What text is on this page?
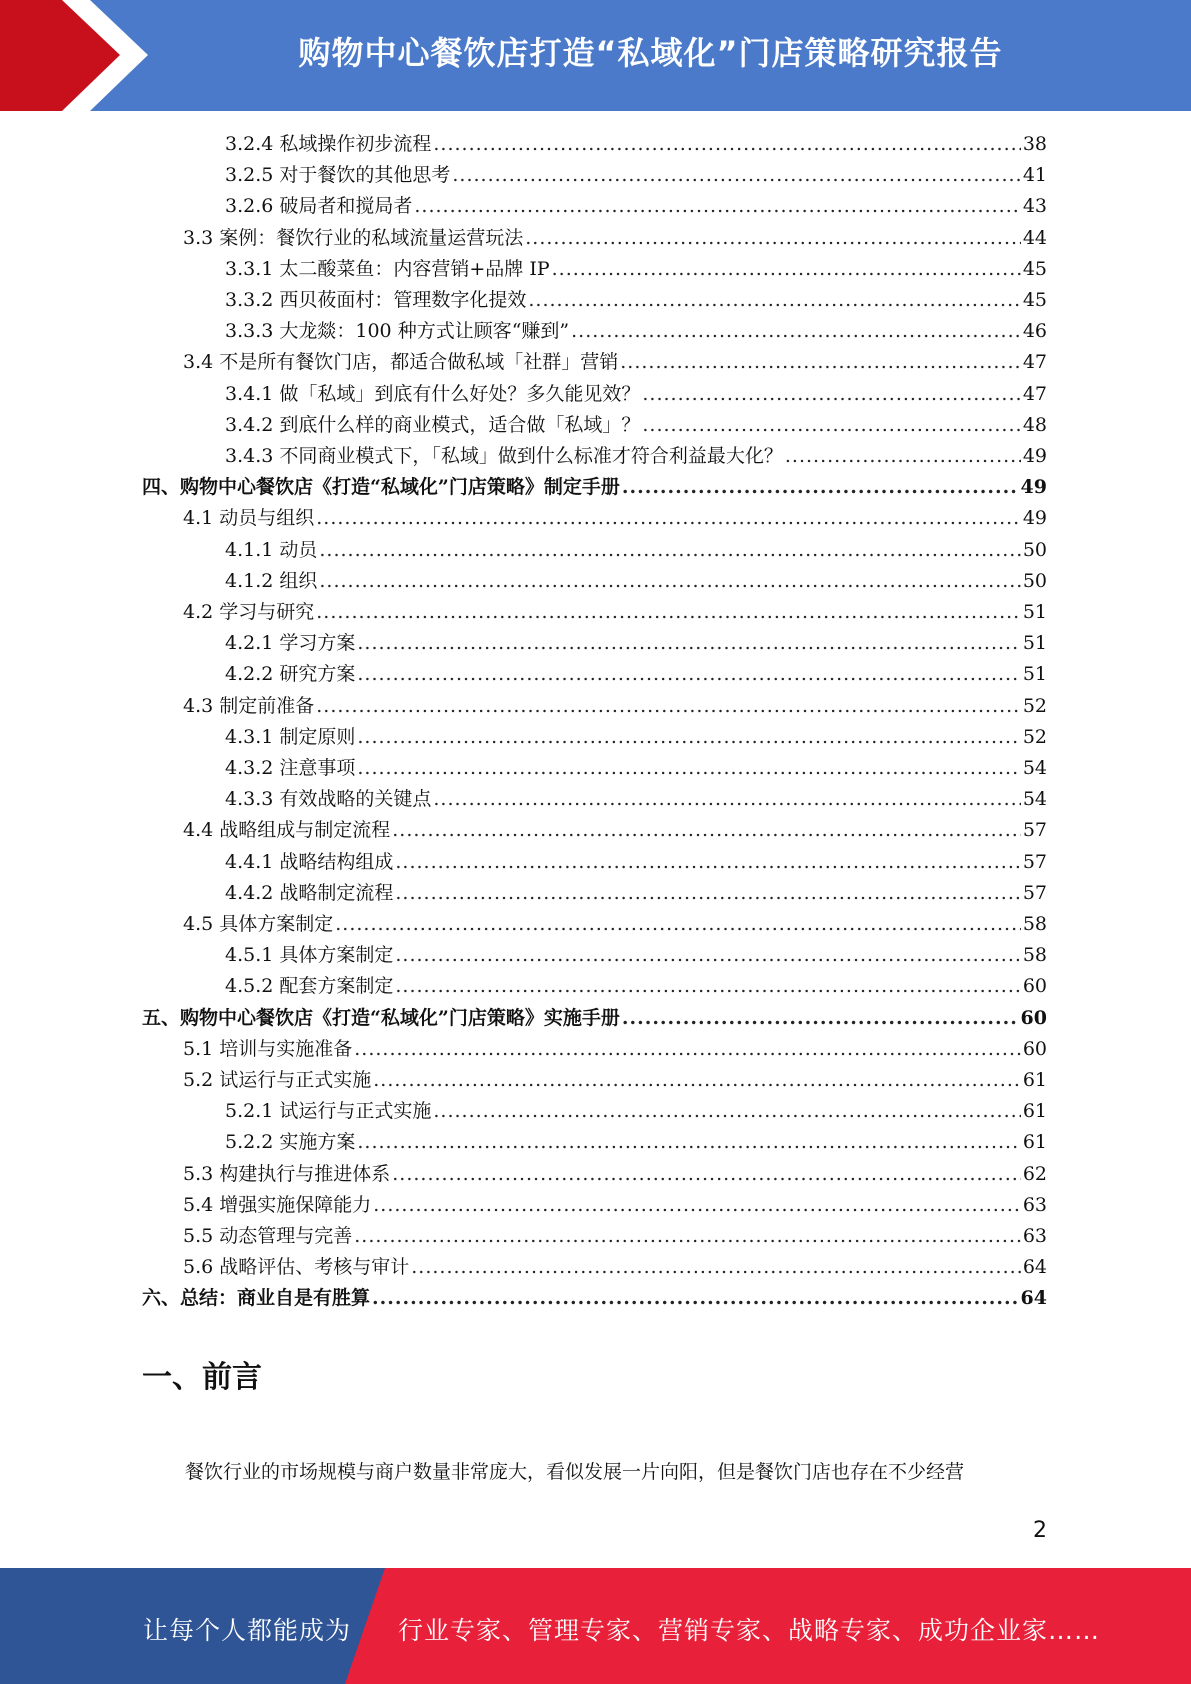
购物中心餐饮店打造“私域化”门店策略研究报告
3.2.4 私域操作初步流程 .....	38
3.2.5 对于餐饮的其他思考 .....	41
3.2.6 破局者和搅局者 .....	43
3.3 案例：餐饮行业的私域流量运营玩法 .....	44
3.3.1 太二酸菜鱼：内容营销+品牌 IP .....	45
3.3.2 西贝莜面村：管理数字化提效 .....	45
3.3.3 大龙燚：100 种方式让顾客“赚到” .....	46
3.4 不是所有餐饮门店，都适合做私域「社群」营销 .....	47
3.4.1 做「私域」到底有什么好处？多久能见效？ .....	47
3.4.2 到底什么样的商业模式，适合做「私域」？ .....	48
3.4.3 不同商业模式下，「私域」做到什么标准才符合利益最大化？ .....	49
四、购物中心餐饮店《打造“私域化”门店策略》制定手册 .....	49
4.1 动员与组织 .....	49
4.1.1 动员 .....	50
4.1.2 组织 .....	50
4.2 学习与研究 .....	51
4.2.1 学习方案 .....	51
4.2.2 研究方案 .....	51
4.3 制定前准备 .....	52
4.3.1 制定原则 .....	52
4.3.2 注意事项 .....	54
4.3.3 有效战略的关键点 .....	54
4.4 战略组成与制定流程 .....	57
4.4.1 战略结构组成 .....	57
4.4.2 战略制定流程 .....	57
4.5 具体方案制定 .....	58
4.5.1 具体方案制定 .....	58
4.5.2 配套方案制定 .....	60
五、购物中心餐饮店《打造“私域化”门店策略》实施手册 .....	60
5.1 培训与实施准备 .....	60
5.2 试运行与正式实施 .....	61
5.2.1 试运行与正式实施 .....	61
5.2.2 实施方案 .....	61
5.3 构建执行与推进体系 .....	62
5.4 增强实施保障能力 .....	63
5.5 动态管理与完善 .....	63
5.6 战略评估、考核与审计 .....	64
六、总结：商业自是有胜算 .....	64
一、前言
餐饮行业的市场规模与商户数量非常庞大，看似发展一片向阳，但是餐饮门店也存在不少经营
2
让每个人都能成为 行业专家、管理专家、营销专家、战略专家、成功企业家……
